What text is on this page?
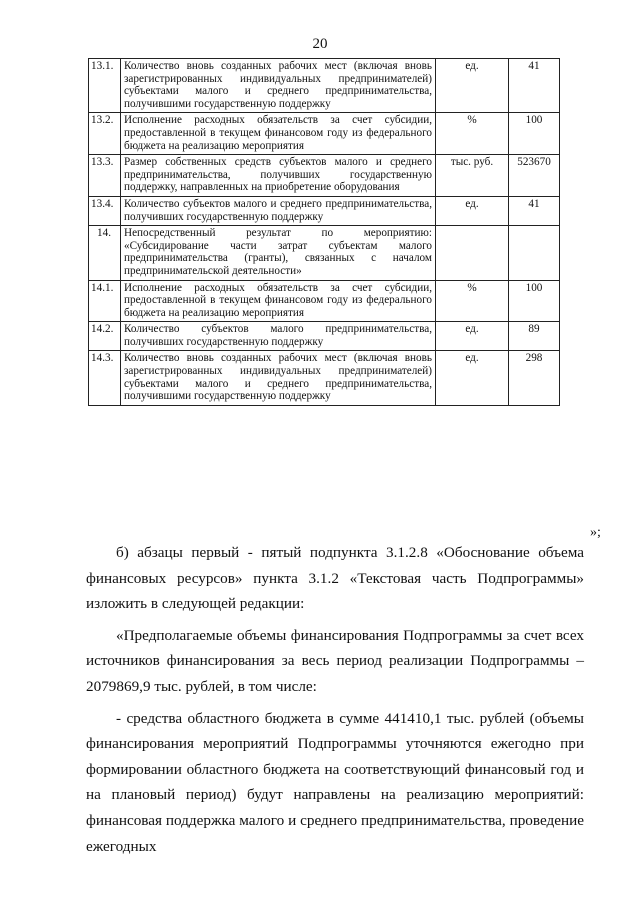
20
13.1.	Количество вновь созданных рабочих мест (включая вновь зарегистрированных индивидуальных предпринимателей) субъектами малого и среднего предпринимательства, получившими государственную поддержку	ед.	41
13.2.	Исполнение расходных обязательств за счет субсидии, предоставленной в текущем финансовом году из федерального бюджета на реализацию мероприятия	%	100
13.3.	Размер собственных средств субъектов малого и среднего предпринимательства, получивших государственную поддержку, направленных на приобретение оборудования	тыс. руб.	523670
13.4.	Количество субъектов малого и среднего предпринимательства, получивших государственную поддержку	ед.	41
14.	Непосредственный результат по мероприятию: «Субсидирование части затрат субъектам малого предпринимательства (гранты), связанных с началом предпринимательской деятельности»		
14.1.	Исполнение расходных обязательств за счет субсидии, предоставленной в текущем финансовом году из федерального бюджета на реализацию мероприятия	%	100
14.2.	Количество субъектов малого предпринимательства, получивших государственную поддержку	ед.	89
14.3.	Количество вновь созданных рабочих мест (включая вновь зарегистрированных индивидуальных предпринимателей) субъектами малого и среднего предпринимательства, получившими государственную поддержку	ед.	298
»;

б) абзацы первый - пятый подпункта 3.1.2.8 «Обоснование объема финансовых ресурсов» пункта 3.1.2 «Текстовая часть Подпрограммы» изложить в следующей редакции:

«Предполагаемые объемы финансирования Подпрограммы за счет всех источников финансирования за весь период реализации Подпрограммы – 2079869,9 тыс. рублей, в том числе:

- средства областного бюджета в сумме 441410,1 тыс. рублей (объемы финансирования мероприятий Подпрограммы уточняются ежегодно при формировании областного бюджета на соответствующий финансовый год и на плановый период) будут направлены на реализацию мероприятий: финансовая поддержка малого и среднего предпринимательства, проведение ежегодных
